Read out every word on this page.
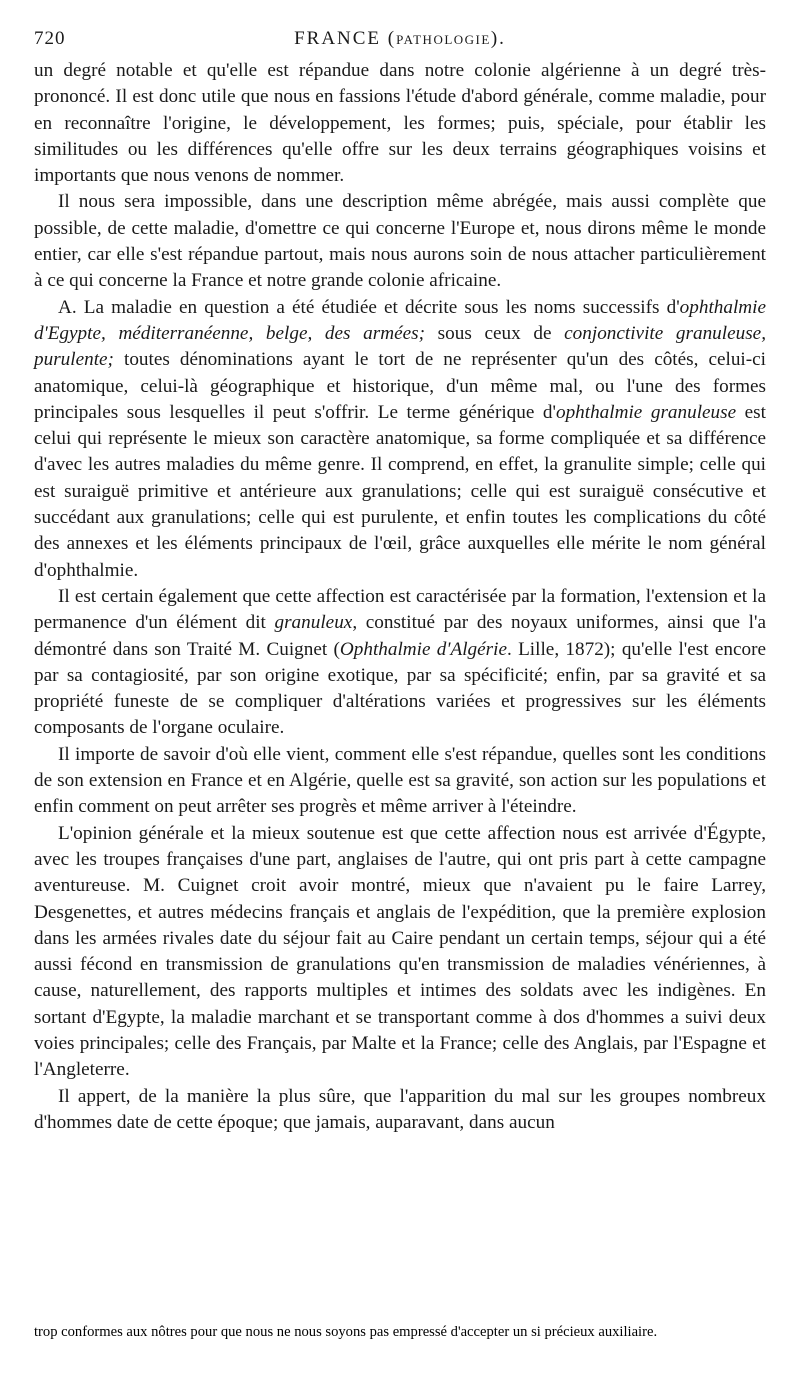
720	FRANCE (PATHOLOGIE).

un degré notable et qu'elle est répandue dans notre colonie algérienne à un degré très-prononcé. Il est donc utile que nous en fassions l'étude d'abord générale, comme maladie, pour en reconnaître l'origine, le développement, les formes; puis, spéciale, pour établir les similitudes ou les différences qu'elle offre sur les deux terrains géographiques voisins et importants que nous venons de nommer.

Il nous sera impossible, dans une description même abrégée, mais aussi complète que possible, de cette maladie, d'omettre ce qui concerne l'Europe et, nous dirons même le monde entier, car elle s'est répandue partout, mais nous aurons soin de nous attacher particulièrement à ce qui concerne la France et notre grande colonie africaine.

A. La maladie en question a été étudiée et décrite sous les noms successifs d'ophthalmie d'Egypte, méditerranéenne, belge, des armées; sous ceux de conjonctivite granuleuse, purulente; toutes dénominations ayant le tort de ne représenter qu'un des côtés, celui-ci anatomique, celui-là géographique et historique, d'un même mal, ou l'une des formes principales sous lesquelles il peut s'offrir. Le terme générique d'ophthalmie granuleuse est celui qui représente le mieux son caractère anatomique, sa forme compliquée et sa différence d'avec les autres maladies du même genre. Il comprend, en effet, la granulite simple; celle qui est suraiguë primitive et antérieure aux granulations; celle qui est suraiguë consécutive et succédant aux granulations; celle qui est purulente, et enfin toutes les complications du côté des annexes et les éléments principaux de l'œil, grâce auxquelles elle mérite le nom général d'ophthalmie.

Il est certain également que cette affection est caractérisée par la formation, l'extension et la permanence d'un élément dit granuleux, constitué par des noyaux uniformes, ainsi que l'a démontré dans son Traité M. Cuignet (Ophthalmie d'Algérie. Lille, 1872); qu'elle l'est encore par sa contagiosité, par son origine exotique, par sa spécificité; enfin, par sa gravité et sa propriété funeste de se compliquer d'altérations variées et progressives sur les éléments composants de l'organe oculaire.

Il importe de savoir d'où elle vient, comment elle s'est répandue, quelles sont les conditions de son extension en France et en Algérie, quelle est sa gravité, son action sur les populations et enfin comment on peut arrêter ses progrès et même arriver à l'éteindre.

L'opinion générale et la mieux soutenue est que cette affection nous est arrivée d'Égypte, avec les troupes françaises d'une part, anglaises de l'autre, qui ont pris part à cette campagne aventureuse. M. Cuignet croit avoir montré, mieux que n'avaient pu le faire Larrey, Desgenettes, et autres médecins français et anglais de l'expédition, que la première explosion dans les armées rivales date du séjour fait au Caire pendant un certain temps, séjour qui a été aussi fécond en transmission de granulations qu'en transmission de maladies vénériennes, à cause, naturellement, des rapports multiples et intimes des soldats avec les indigènes. En sortant d'Egypte, la maladie marchant et se transportant comme à dos d'hommes a suivi deux voies principales; celle des Français, par Malte et la France; celle des Anglais, par l'Espagne et l'Angleterre.

Il appert, de la manière la plus sûre, que l'apparition du mal sur les groupes nombreux d'hommes date de cette époque; que jamais, auparavant, dans aucun

trop conformes aux nôtres pour que nous ne nous soyons pas empressé d'accepter un si précieux auxiliaire.
